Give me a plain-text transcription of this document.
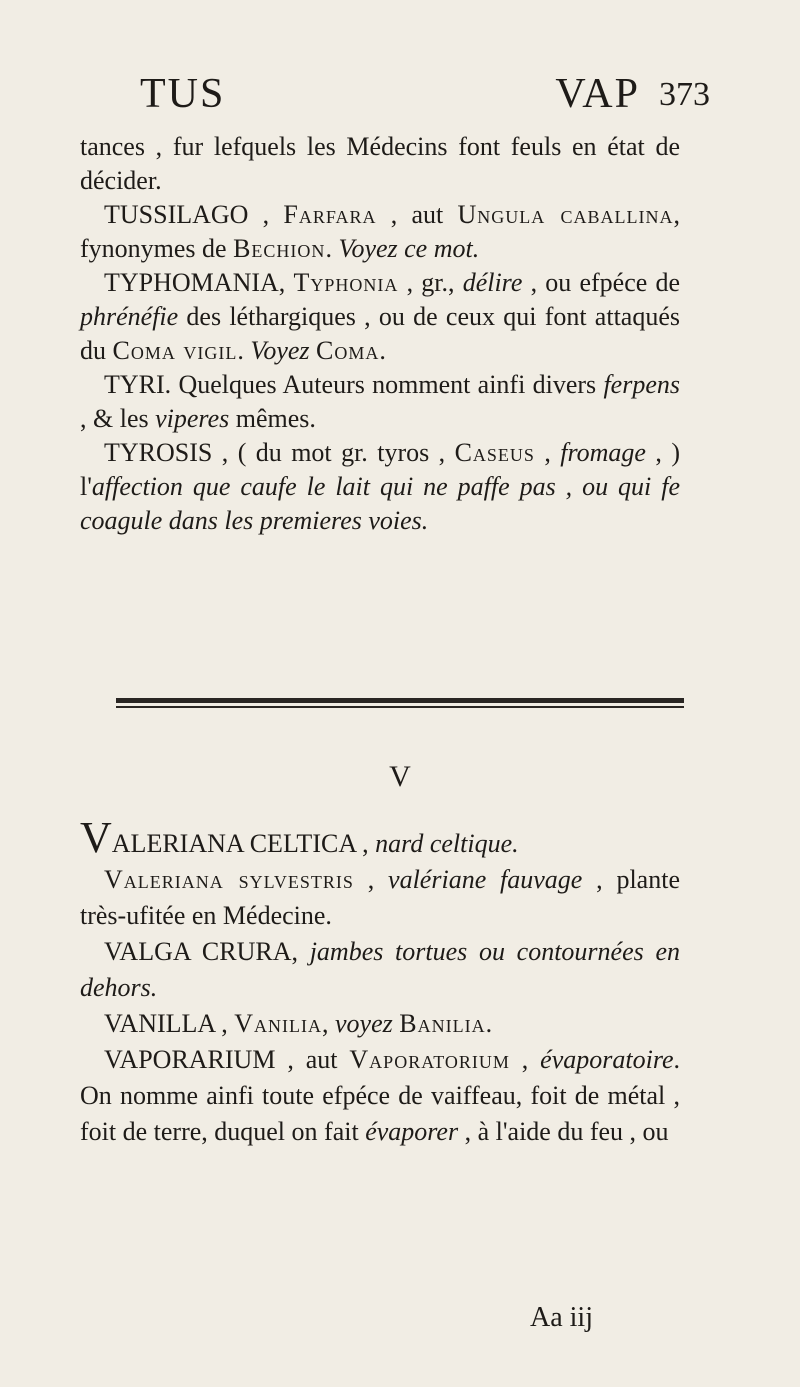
TUS	VAP 373

tances , fur lefquels les Médecins font feuls en état de décider.

TUSSILAGO , Farfara , aut Ungula caballina, fynonymes de Bechion. Voyez ce mot.

TYPHOMANIA, Typhonia , gr., délire , ou efpéce de phrénéfie des léthargiques , ou de ceux qui font attaqués du Coma vigil. Voyez Coma.

TYRI. Quelques Auteurs nomment ainfi divers ferpens , & les viperes mêmes.

TYROSIS , ( du mot gr. tyros , Caseus , fromage , ) l'affection que caufe le lait qui ne paffe pas , ou qui fe coagule dans les premieres voies.

V

VALERIANA CELTICA , nard celtique.

Valeriana sylvestris , valériane fauvage , plante très-ufitée en Médecine.

VALGA CRURA, jambes tortues ou contournées en dehors.

VANILLA , Vanilia, voyez Banilia.

VAPORARIUM , aut Vaporatorium , évaporatoire. On nomme ainfi toute efpéce de vaiffeau, foit de métal , foit de terre, duquel on fait évaporer , à l'aide du feu , ou

Aa iij
